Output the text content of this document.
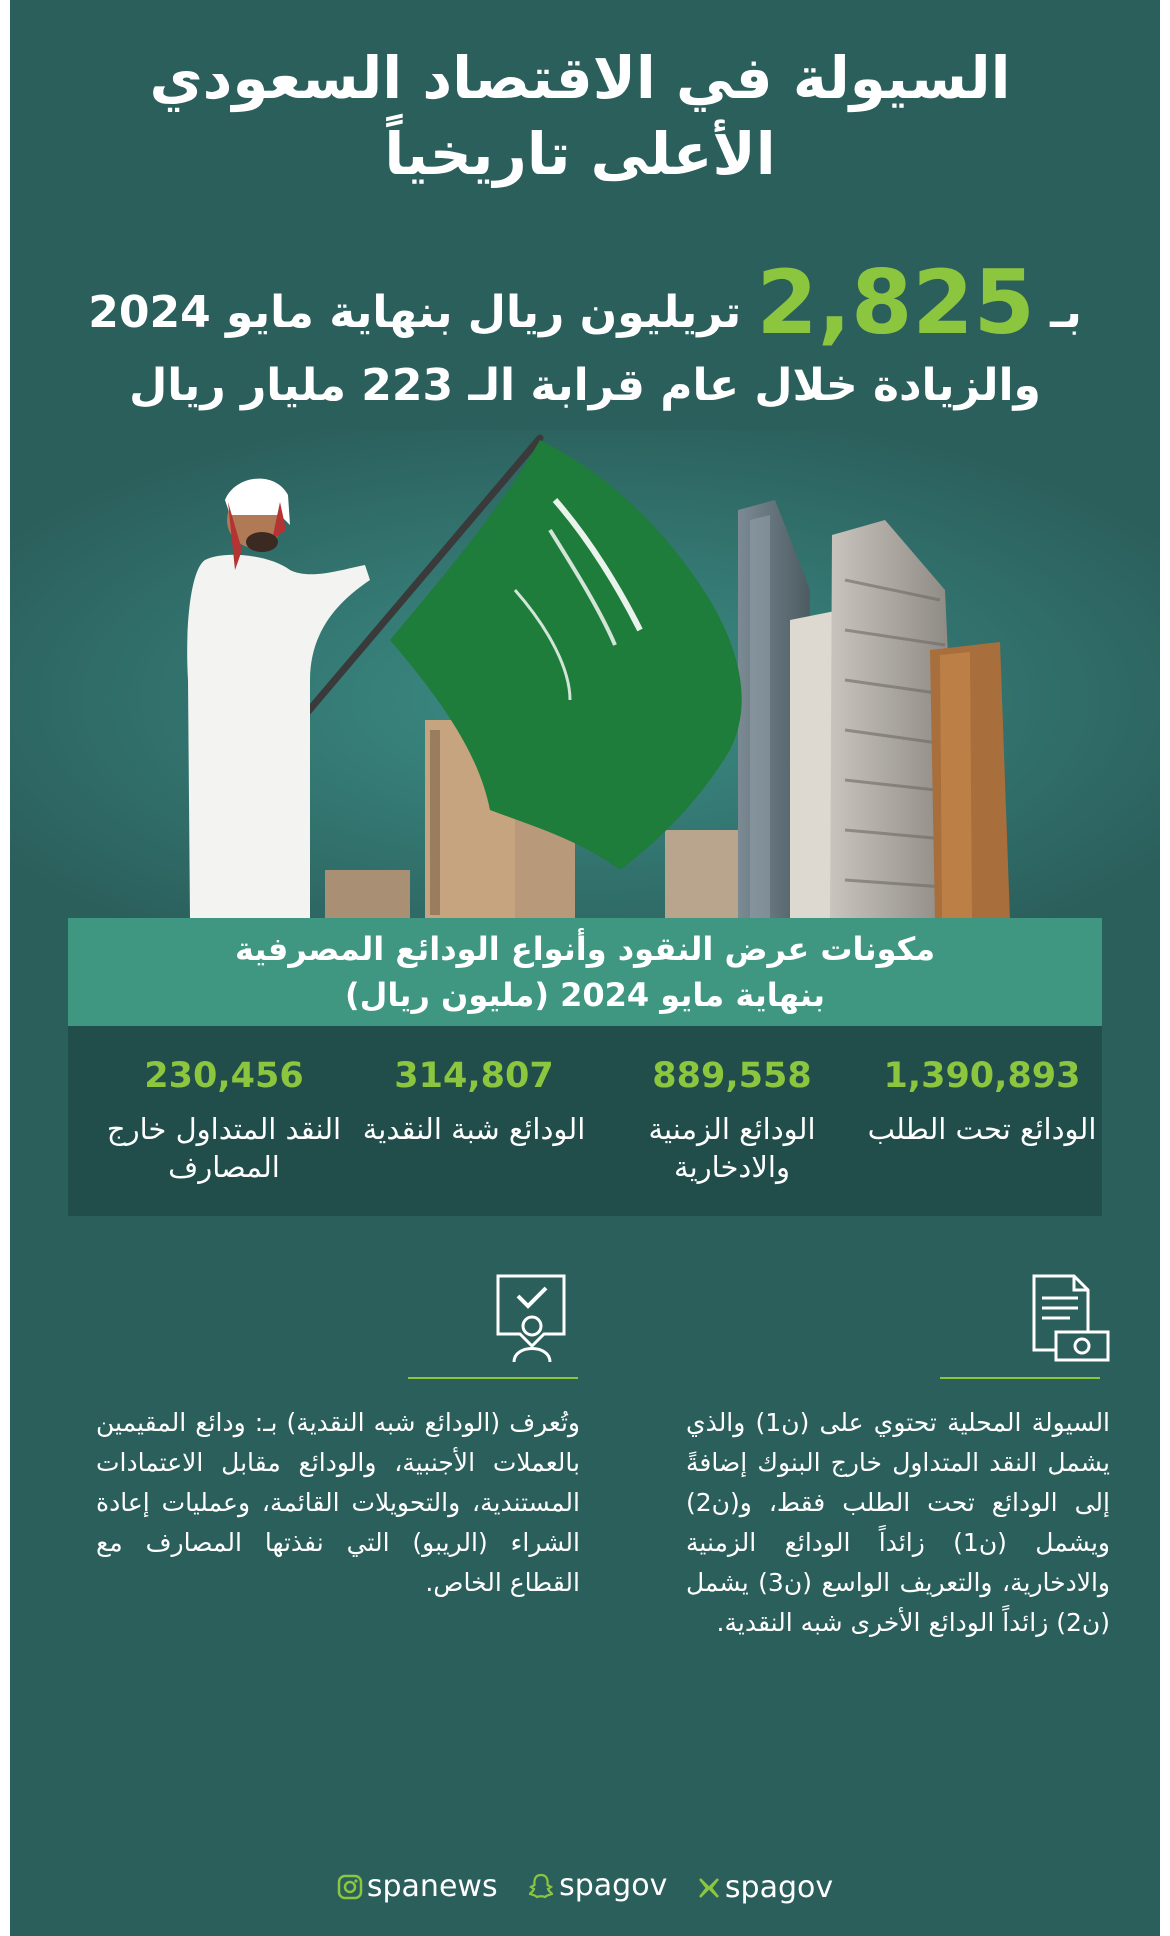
السيولة في الاقتصاد السعودي
الأعلى تاريخياً
بـ 2,825 تريليون ريال بنهاية مايو 2024
والزيادة خلال عام قرابة الـ 223 مليار ريال
مكونات عرض النقود وأنواع الودائع المصرفية
بنهاية مايو 2024 (مليون ريال)
1,390,893
الودائع تحت الطلب
889,558
الودائع الزمنية والادخارية
314,807
الودائع شبة النقدية
230,456
النقد المتداول خارج المصارف
السيولة المحلية تحتوي على (ن1) والذي يشمل النقد المتداول خارج البنوك إضافةً إلى الودائع تحت الطلب فقط، و(ن2) ويشمل (ن1) زائداً الودائع الزمنية والادخارية، والتعريف الواسع (ن3) يشمل (ن2) زائداً الودائع الأخرى شبه النقدية.
وتُعرف (الودائع شبه النقدية) بـ: ودائع المقيمين بالعملات الأجنبية، والودائع مقابل الاعتمادات المستندية، والتحويلات القائمة، وعمليات إعادة الشراء (الريبو) التي نفذتها المصارف مع القطاع الخاص.
spanews
spagov
spagov
